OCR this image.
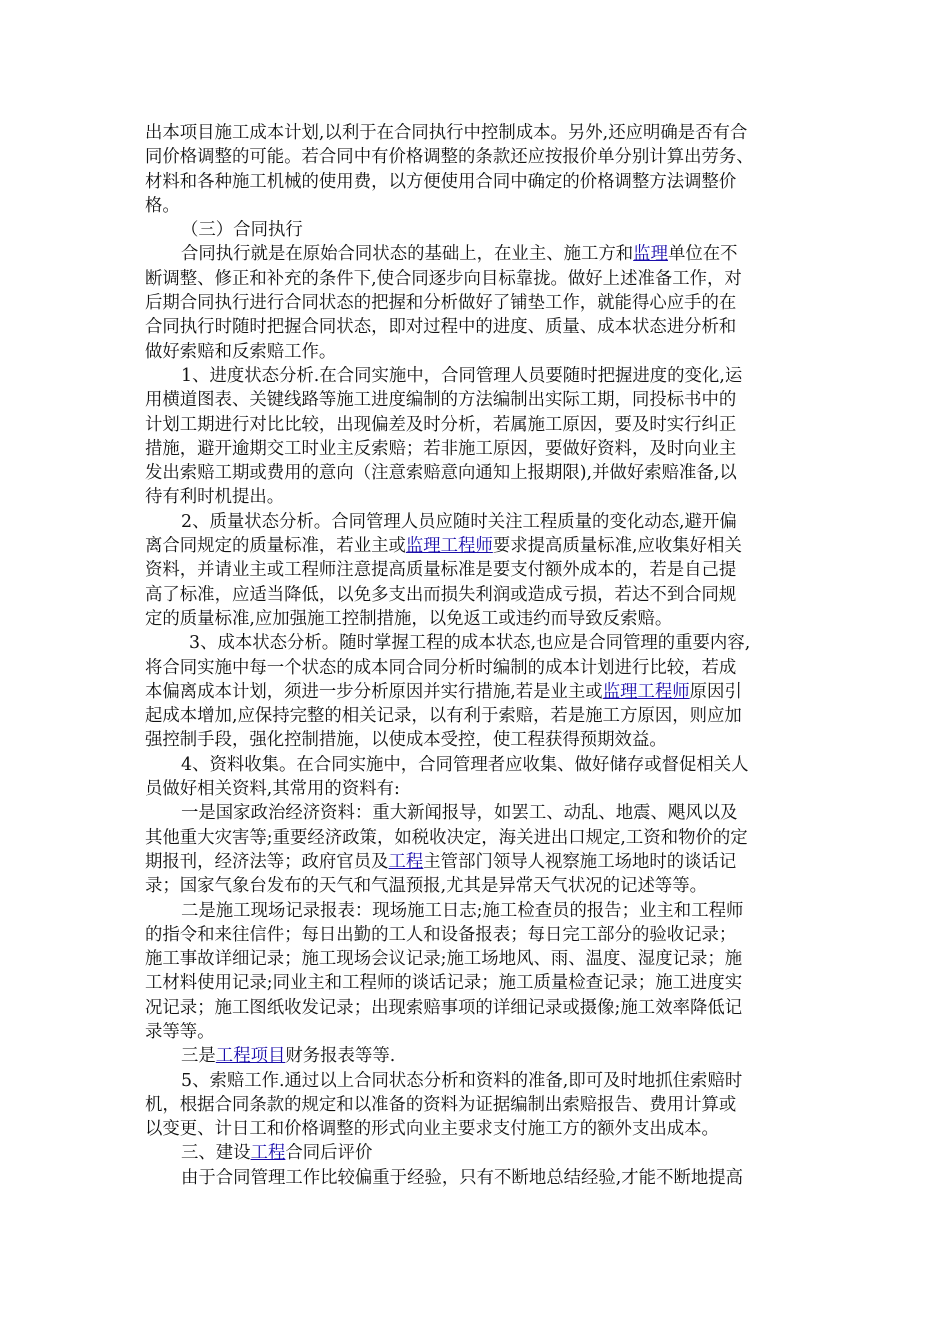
出本项目施工成本计划,以利于在合同执行中控制成本。另外,还应明确是否有合
同价格调整的可能。若合同中有价格调整的条款还应按报价单分别计算出劳务、
材料和各种施工机械的使用费，以方便使用合同中确定的价格调整方法调整价
格。
（三）合同执行
合同执行就是在原始合同状态的基础上，在业主、施工方和监理单位在不
断调整、修正和补充的条件下,使合同逐步向目标靠拢。做好上述准备工作，对
后期合同执行进行合同状态的把握和分析做好了铺垫工作，就能得心应手的在
合同执行时随时把握合同状态，即对过程中的进度、质量、成本状态进分析和
做好索赔和反索赔工作。
1、进度状态分析.在合同实施中，合同管理人员要随时把握进度的变化,运
用横道图表、关键线路等施工进度编制的方法编制出实际工期，同投标书中的
计划工期进行对比比较，出现偏差及时分析，若属施工原因，要及时实行纠正
措施，避开逾期交工时业主反索赔；若非施工原因，要做好资料，及时向业主
发出索赔工期或费用的意向（注意索赔意向通知上报期限),并做好索赔准备,以
待有利时机提出。
2、质量状态分析。合同管理人员应随时关注工程质量的变化动态,避开偏
离合同规定的质量标准，若业主或监理工程师要求提高质量标准,应收集好相关
资料，并请业主或工程师注意提高质量标准是要支付额外成本的，若是自己提
高了标准，应适当降低，以免多支出而损失利润或造成亏损，若达不到合同规
定的质量标准,应加强施工控制措施，以免返工或违约而导致反索赔。
3、成本状态分析。随时掌握工程的成本状态,也应是合同管理的重要内容,
将合同实施中每一个状态的成本同合同分析时编制的成本计划进行比较，若成
本偏离成本计划，须进一步分析原因并实行措施,若是业主或监理工程师原因引
起成本增加,应保持完整的相关记录，以有利于索赔，若是施工方原因，则应加
强控制手段，强化控制措施，以使成本受控，使工程获得预期效益。
4、资料收集。在合同实施中，合同管理者应收集、做好储存或督促相关人
员做好相关资料,其常用的资料有:
一是国家政治经济资料：重大新闻报导，如罢工、动乱、地震、飓风以及
其他重大灾害等;重要经济政策，如税收决定，海关进出口规定,工资和物价的定
期报刊，经济法等；政府官员及工程主管部门领导人视察施工场地时的谈话记
录；国家气象台发布的天气和气温预报,尤其是异常天气状况的记述等等。
二是施工现场记录报表：现场施工日志;施工检查员的报告；业主和工程师
的指令和来往信件；每日出勤的工人和设备报表；每日完工部分的验收记录；
施工事故详细记录；施工现场会议记录;施工场地风、雨、温度、湿度记录；施
工材料使用记录;同业主和工程师的谈话记录；施工质量检查记录；施工进度实
况记录；施工图纸收发记录；出现索赔事项的详细记录或摄像;施工效率降低记
录等等。
三是工程项目财务报表等等.
5、索赔工作.通过以上合同状态分析和资料的准备,即可及时地抓住索赔时
机，根据合同条款的规定和以准备的资料为证据编制出索赔报告、费用计算或
以变更、计日工和价格调整的形式向业主要求支付施工方的额外支出成本。
三、建设工程合同后评价
由于合同管理工作比较偏重于经验，只有不断地总结经验,才能不断地提高
